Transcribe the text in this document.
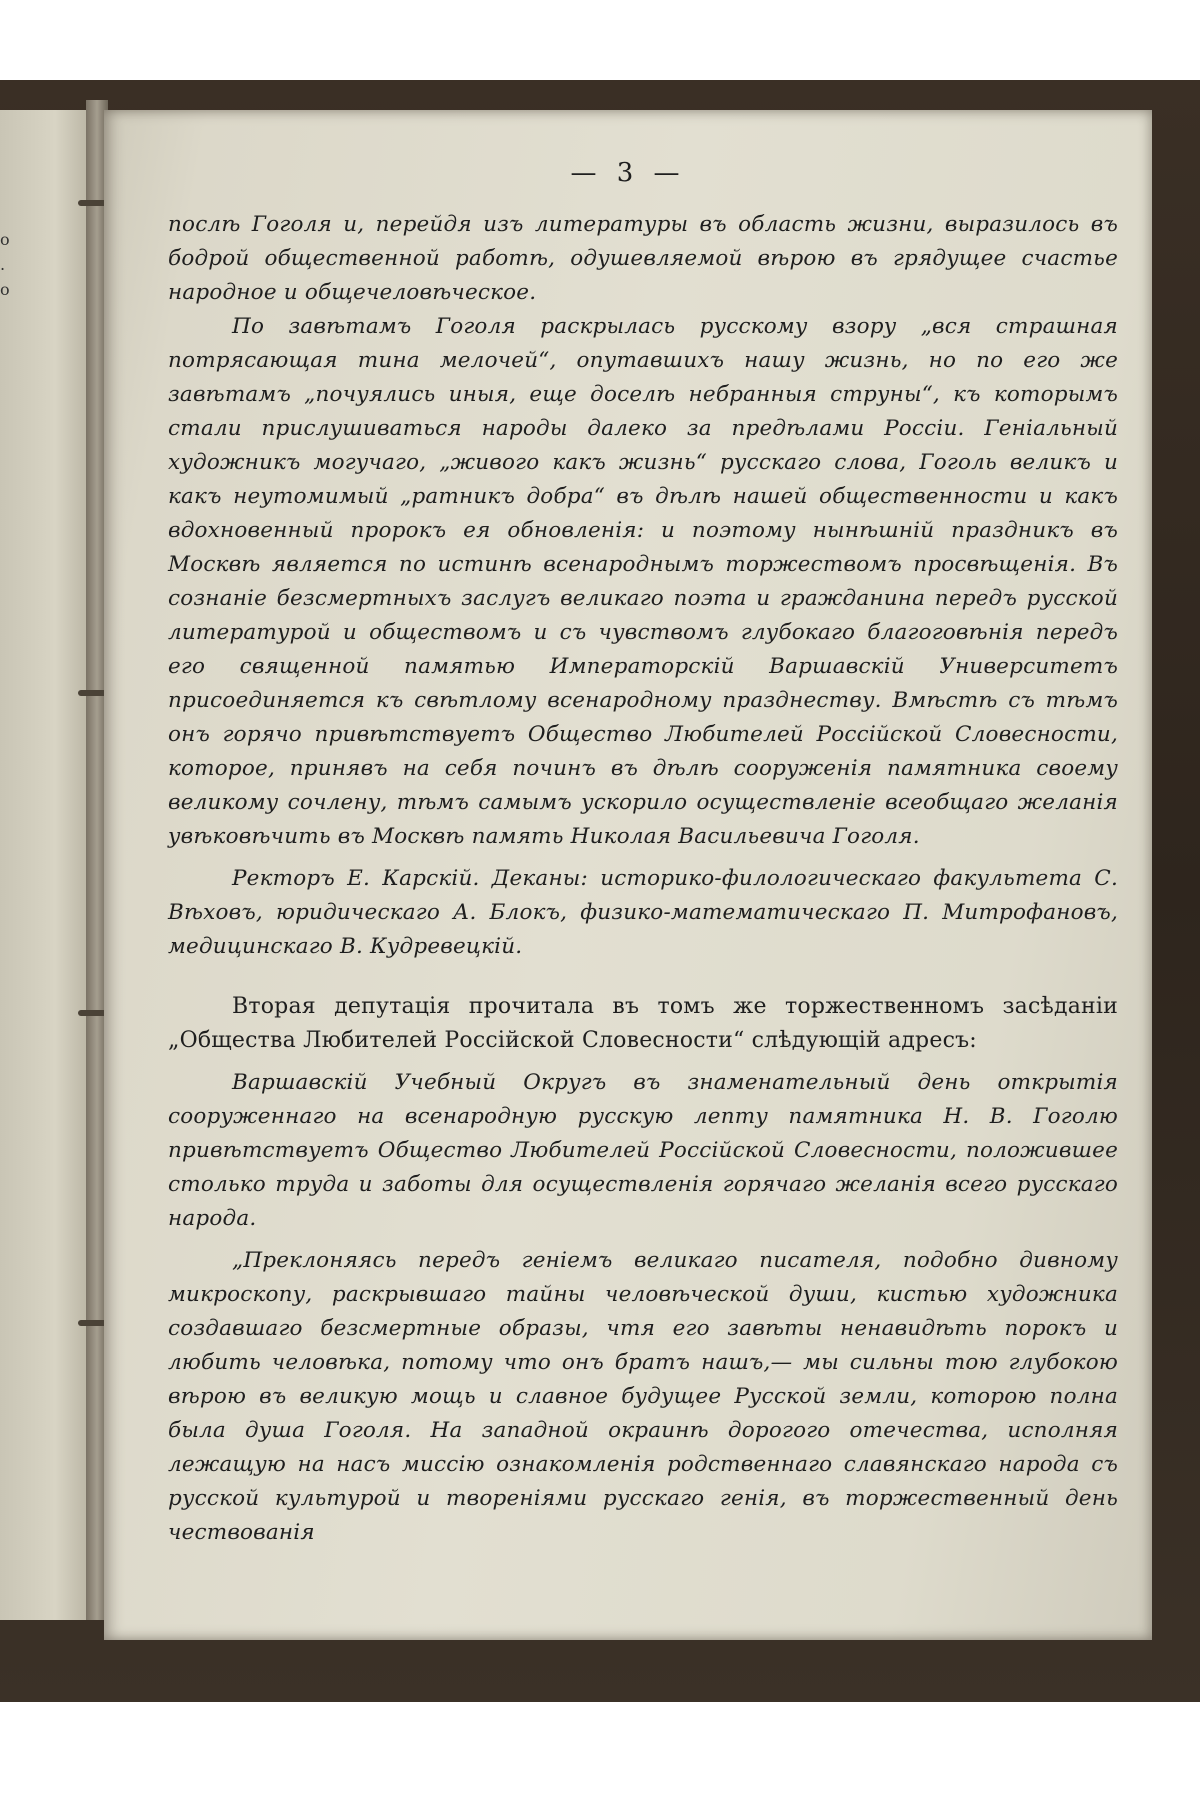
о
.
о
— 3 —

послѣ Гоголя и, перейдя изъ литературы въ область жизни, выразилось въ бодрой общественной работѣ, одушевляемой вѣрою въ грядущее счастье народное и общечеловѣческое.

По завѣтамъ Гоголя раскрылась русскому взору „вся страшная потрясающая тина мелочей“, опутавшихъ нашу жизнь, но по его же завѣтамъ „почуялись иныя, еще доселѣ небранныя струны“, къ которымъ стали прислушиваться народы далеко за предѣлами Россіи. Геніальный художникъ могучаго, „живого какъ жизнь“ русскаго слова, Гоголь великъ и какъ неутомимый „ратникъ добра“ въ дѣлѣ нашей общественности и какъ вдохновенный пророкъ ея обновленія: и поэтому нынѣшній праздникъ въ Москвѣ является по истинѣ всенароднымъ торжествомъ просвѣщенія. Въ сознаніе безсмертныхъ заслугъ великаго поэта и гражданина передъ русской литературой и обществомъ и съ чувствомъ глубокаго благоговѣнія передъ его священной памятью Императорскій Варшавскій Университетъ присоединяется къ свѣтлому всенародному празднеству. Вмѣстѣ съ тѣмъ онъ горячо привѣтствуетъ Общество Любителей Россійской Словесности, которое, принявъ на себя починъ въ дѣлѣ сооруженія памятника своему великому сочлену, тѣмъ самымъ ускорило осуществленіе всеобщаго желанія увѣковѣчить въ Москвѣ память Николая Васильевича Гоголя.

Ректоръ Е. Карскій. Деканы: историко-филологическаго факультета С. Вѣховъ, юридическаго А. Блокъ, физико-математическаго П. Митрофановъ, медицинскаго В. Кудревецкій.

Вторая депутація прочитала въ томъ же торжественномъ засѣданіи „Общества Любителей Россійской Словесности“ слѣдующій адресъ:

Варшавскій Учебный Округъ въ знаменательный день открытія сооруженнаго на всенародную русскую лепту памятника Н. В. Гоголю привѣтствуетъ Общество Любителей Россійской Словесности, положившее столько труда и заботы для осуществленія горячаго желанія всего русскаго народа.

„Преклоняясь передъ геніемъ великаго писателя, подобно дивному микроскопу, раскрывшаго тайны человѣческой души, кистью художника создавшаго безсмертные образы, чтя его завѣты ненавидѣть порокъ и любить человѣка, потому что онъ братъ нашъ,— мы сильны тою глубокою вѣрою въ великую мощь и славное будущее Русской земли, которою полна была душа Гоголя. На западной окраинѣ дорогого отечества, исполняя лежащую на насъ миссію ознакомленія родственнаго славянскаго народа съ русской культурой и твореніями русскаго генія, въ торжественный день чествованія
